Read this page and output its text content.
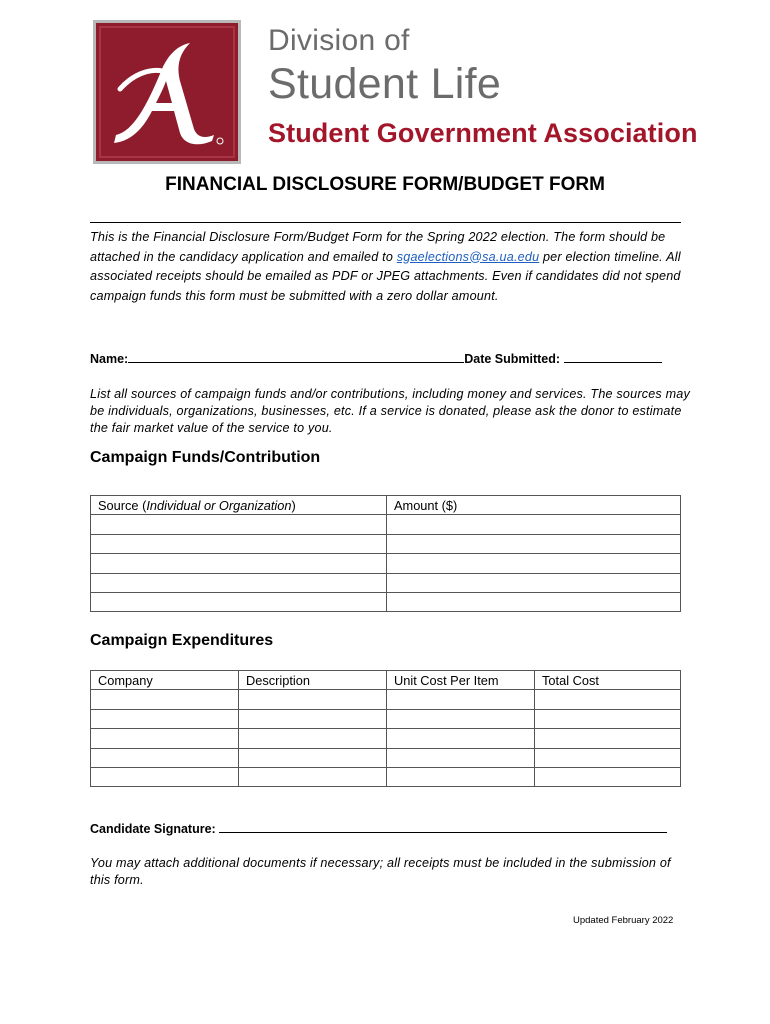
Division of
Student Life
Student Government Association
FINANCIAL DISCLOSURE FORM/BUDGET FORM
This is the Financial Disclosure Form/Budget Form for the Spring 2022 election. The form should be attached in the candidacy application and emailed to sgaelections@sa.ua.edu per election timeline. All associated receipts should be emailed as PDF or JPEG attachments. Even if candidates did not spend campaign funds this form must be submitted with a zero dollar amount.
Name:	Date Submitted:
List all sources of campaign funds and/or contributions, including money and services. The sources may be individuals, organizations, businesses, etc. If a service is donated, please ask the donor to estimate the fair market value of the service to you.
Campaign Funds/Contribution
Source (Individual or Organization)	Amount ($)

Campaign Expenditures
Company	Description	Unit Cost Per Item	Total Cost

Candidate Signature:
You may attach additional documents if necessary; all receipts must be included in the submission of this form.
Updated February 2022
